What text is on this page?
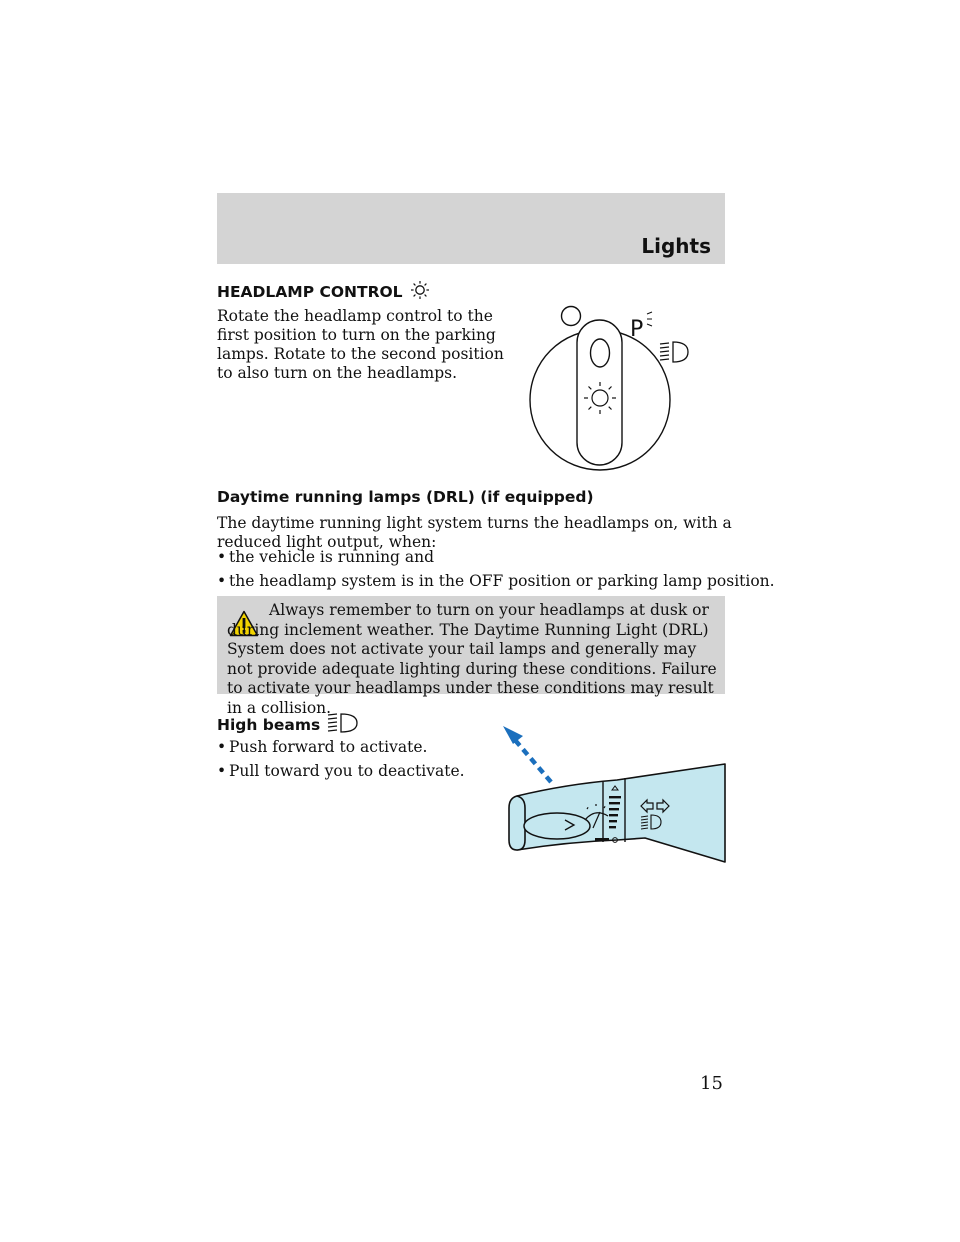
Lights
HEADLAMP CONTROL
Rotate the headlamp control to the
first position to turn on the parking
lamps. Rotate to the second position
to also turn on the headlamps.
P
Daytime running lamps (DRL) (if equipped)
The daytime running light system turns the headlamps on, with a
reduced light output, when:
• the vehicle is running and
• the headlamp system is in the OFF position or parking lamp position.

Always remember to turn on your headlamps at dusk or during inclement weather. The Daytime Running Light (DRL) System does not activate your tail lamps and generally may not provide adequate lighting during these conditions. Failure to activate your headlamps under these conditions may result in a collision.

High beams
• Push forward to activate.
• Pull toward you to deactivate.
15
